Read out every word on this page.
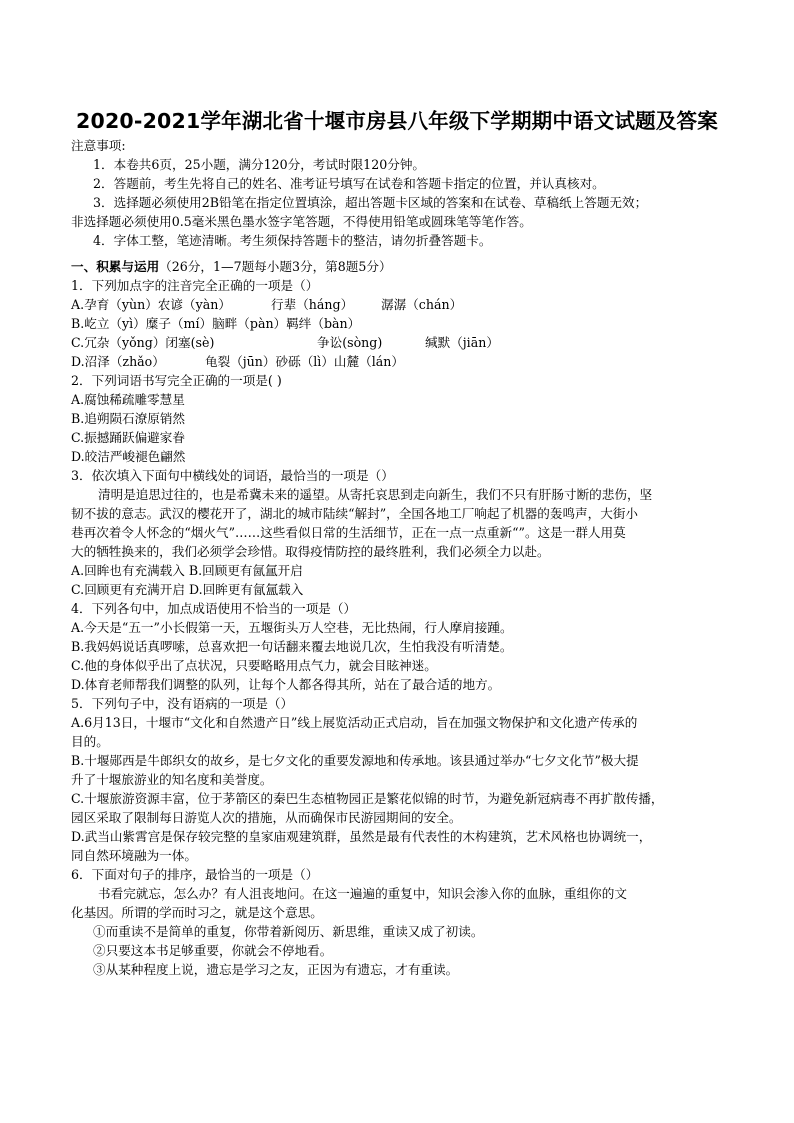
2020-2021学年湖北省十堰市房县八年级下学期期中语文试题及答案

注意事项:

1．本卷共6页，25小题，满分120分，考试时限120分钟。

2．答题前，考生先将自己的姓名、准考证号填写在试卷和答题卡指定的位置，并认真核对。

3．选择题必须使用2B铅笔在指定位置填涂，超出答题卡区域的答案和在试卷、草稿纸上答题无效；

非选择题必须使用0.5毫米黑色墨水签字笔答题，不得使用铅笔或圆珠笔等笔作答。

4．字体工整，笔迹清晰。考生须保持答题卡的整洁，请勿折叠答题卡。

一、积累与运用（26分，1—7题每小题3分，第8题5分）

1．下列加点字的注音完全正确的一项是（）

A.孕育（yùn）农谚（yàn）	行辈（háng） 潺潺（chán）

B.屹立（yì）糜子（mí）脑畔（pàn）羁绊（bàn）

C.冗杂（yǒng）闭塞(sè)	争讼(sòng)	缄默（jiān）

D.沼泽（zhǎo）	龟裂（jūn）砂砾（lì）山麓（lán）

2．下列词语书写完全正确的一项是( )

A.腐蚀稀疏雕零慧星

B.追朔陨石潦原销然

C.振撼踊跃偏避家眷

D.皎洁严峻褪色翩然

3．依次填入下面句中横线处的词语，最恰当的一项是（）

清明是追思过往的，也是希冀未来的遥望。从寄托哀思到走向新生，我们不只有肝肠寸断的悲伤，坚

韧不拔的意志。武汉的樱花开了，湖北的城市陆续“解封”，全国各地工厂响起了机器的轰鸣声，大街小

巷再次着令人怀念的“烟火气”……这些看似日常的生活细节，正在一点一点重新“”。这是一群人用莫

大的牺牲换来的，我们必须学会珍惜。取得疫情防控的最终胜利，我们必须全力以赴。

A.回眸也有充满载入 B.回顾更有氤氲开启

C.回顾更有充满开启 D.回眸更有氤氲载入

4．下列各句中，加点成语使用不恰当的一项是（）

A.今天是“五一”小长假第一天，五堰街头万人空巷，无比热闹，行人摩肩接踵。

B.我妈妈说话真啰嗦，总喜欢把一句话翻来覆去地说几次，生怕我没有听清楚。

C.他的身体似乎出了点状况，只要略略用点气力，就会目眩神迷。

D.体育老师帮我们调整的队列，让每个人都各得其所，站在了最合适的地方。

5．下列句子中，没有语病的一项是（）

A.6月13日，十堰市“文化和自然遗产日”线上展览活动正式启动，旨在加强文物保护和文化遗产传承的

目的。

B.十堰郧西是牛郎织女的故乡，是七夕文化的重要发源地和传承地。该县通过举办“七夕文化节”极大提

升了十堰旅游业的知名度和美誉度。

C.十堰旅游资源丰富，位于茅箭区的秦巴生态植物园正是繁花似锦的时节，为避免新冠病毒不再扩散传播，

园区采取了限制每日游览人次的措施，从而确保市民游园期间的安全。

D.武当山紫霄宫是保存较完整的皇家庙观建筑群，虽然是最有代表性的木构建筑，艺术风格也协调统一，

同自然环境融为一体。

6．下面对句子的排序，最恰当的一项是（）

书看完就忘，怎么办？有人沮丧地问。在这一遍遍的重复中，知识会渗入你的血脉，重组你的文

化基因。所谓的学而时习之，就是这个意思。

①而重读不是简单的重复，你带着新阅历、新思维，重读又成了初读。

②只要这本书足够重要，你就会不停地看。

③从某种程度上说，遗忘是学习之友，正因为有遗忘，才有重读。
